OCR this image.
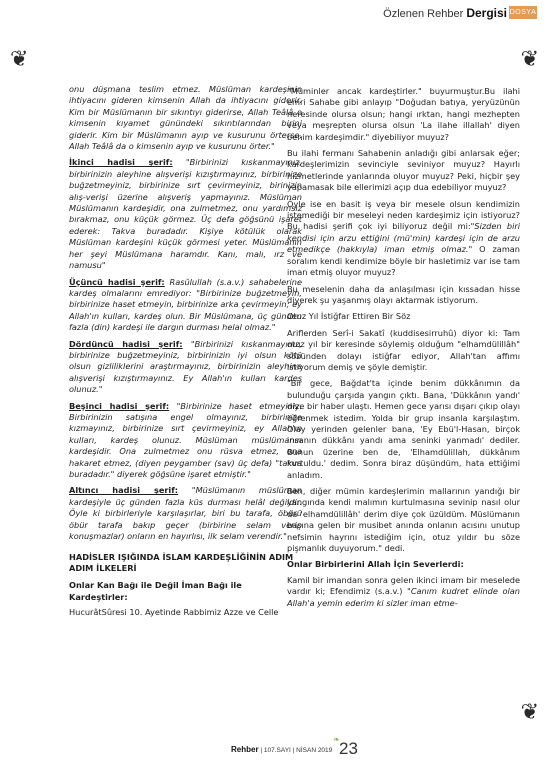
Özlenen Rehber Dergisi DOSYA
❦	❦
❦

onu düşmana teslim etmez. Müslüman kardeşinin ihtiyacını gideren kimsenin Allah da ihtiyacını giderir. Kim bir Müslümanın bir sıkıntıyı giderirse, Allah Teâlâ o kimsenin kıyamet günündeki sıkıntılarından birini giderir. Kim bir Müslümanın ayıp ve kusurunu örterse, Allah Teâlâ da o kimsenin ayıp ve kusurunu örter."

İkinci hadisi şerif: "Birbirinizi kıskanmayınız, birbirinizin aleyhine alışverişi kızıştırmayınız, birbirinize buğzetmeyiniz, birbirinize sırt çevirmeyiniz, birinizin alış-verişi üzerine alışveriş yapmayınız. Müslüman Müslümanın kardeşidir, ona zulmetmez, onu yardımsız bırakmaz, onu küçük görmez. Üç defa göğsünü işaret ederek: Takva buradadır. Kişiye kötülük olarak Müslüman kardeşini küçük görmesi yeter. Müslümanın her şeyi Müslümana haramdır. Kanı, malı, ırz ve namusu"

Üçüncü hadisi şerif: Rasûlullah (s.a.v.) sahabelerine kardeş olmalarını emrediyor: "Birbirinize buğzetmeyin, birbirinize haset etmeyin, birbirinize arka çevirmeyin; ey Allah'ın kulları, kardeş olun. Bir Müslümana, üç günden fazla (din) kardeşi ile dargın durması helal olmaz."

Dördüncü hadisi şerif: "Birbirinizi kıskanmayınız, birbirinize buğzetmeyiniz, birbirinizin iyi olsun kötü olsun gizliliklerini araştırmayınız, birbirinizin aleyhine alışverişi kızıştırmayınız. Ey Allah'ın kulları kardeş olunuz."

Beşinci hadisi şerif: "Birbirinize haset etmeyiniz. Birbirinizin satışına engel olmayınız, birbirinize kızmayınız, birbirinize sırt çevirmeyiniz, ey Allah'ın kulları, kardeş olunuz. Müslüman müslümanın kardeşidir. Ona zulmetmez onu rüsva etmez, ona hakaret etmez, (diyen peygamber (sav) üç defa) "takva buradadır." diyerek göğsüne işaret etmiştir."

Altıncı hadisi şerif: "Müslümanın müslüman kardeşiyle üç günden fazla küs durması helâl değildir. Öyle ki birbirleriyle karşılaşırlar, biri bu tarafa, öbürü öbür tarafa bakıp geçer (birbirine selam verip konuşmazlar) onların en hayırlısı, ilk selam verendir."

HADİSLER IŞIĞINDA İSLAM KARDEŞLİĞİNİN ADIM ADIM İLKELERİ
Onlar Kan Bağı ile Değil İman Bağı ile Kardeştirler:

HucurâtSûresi 10. Ayetinde Rabbimiz Azze ve Celle

"Müminler ancak kardeştirler." buyurmuştur.Bu ilahi emri Sahabe gibi anlayıp "Doğudan batıya, yeryüzünün neresinde olursa olsun; hangi ırktan, hangi mezhepten veya meşrepten olursa olsun 'La ilahe illallah' diyen benim kardeşimdir." diyebiliyor muyuz?

Bu ilahi fermanı Sahabenin anladığı gibi anlarsak eğer; kardeşlerimizin sevinciyle seviniyor muyuz? Hayırlı hizmetlerinde yanlarında oluyor muyuz? Peki, hiçbir şey yapamasak bile ellerimizi açıp dua edebiliyor muyuz?

Öyle ise en basit iş veya bir mesele olsun kendimizin istemediği bir meseleyi neden kardeşimiz için istiyoruz? Bu hadisi şerifi çok iyi biliyoruz değil mi:"Sizden biri kendisi için arzu ettiğini (mü'min) kardeşi için de arzu etmedikçe (hakkıyla) iman etmiş olmaz." O zaman soralım kendi kendimize böyle bir hasletimiz var ise tam iman etmiş oluyor muyuz?

Bu meselenin daha da anlaşılması için kıssadan hisse diyerek şu yaşanmış olayı aktarmak istiyorum.

Otuz Yıl İstiğfar Ettiren Bir Söz

Ariflerden Serî-i Sakatî (kuddisesirruhû) diyor ki: Tam otuz yıl bir keresinde söylemiş olduğum "elhamdülillâh" sözünden dolayı istiğfar ediyor, Allah'tan affımı istiyorum demiş ve şöyle demiştir.

"Bir gece, Bağdat'ta içinde benim dükkânımın da bulunduğu çarşıda yangın çıktı. Bana, 'Dükkânın yandı' diye bir haber ulaştı. Hemen gece yarısı dışarı çıkıp olayı öğrenmek istedim. Yolda bir grup insanla karşılaştım. Olay yerinden gelenler bana, 'Ey Ebü'l-Hasan, birçok insanın dükkânı yandı ama seninki yanmadı' dediler. Bunun üzerine ben de, 'Elhamdülillah, dükkânım kurtuldu.' dedim. Sonra biraz düşündüm, hata ettiğimi anladım.

Ben, diğer mümin kardeşlerimin mallarının yandığı bir yangında kendi malımın kurtulmasına sevinip nasıl olur da 'elhamdülillâh' derim diye çok üzüldüm. Müslümanın başına gelen bir musibet anında onlanın acısını unutup nefsimin hayrını istediğim için, otuz yıldır bu söze pişmanlık duyuyorum." dedi.

Onlar Birbirlerini Allah İçin Severlerdi:

Kamil bir imandan sonra gelen ikinci imam bir meselede vardır ki; Efendimiz (s.a.v.) "Canım kudret elinde olan Allah'a yemin ederim ki sizler iman etme-

Rehber | 107.SAYI | NİSAN 2019
❧ 23
